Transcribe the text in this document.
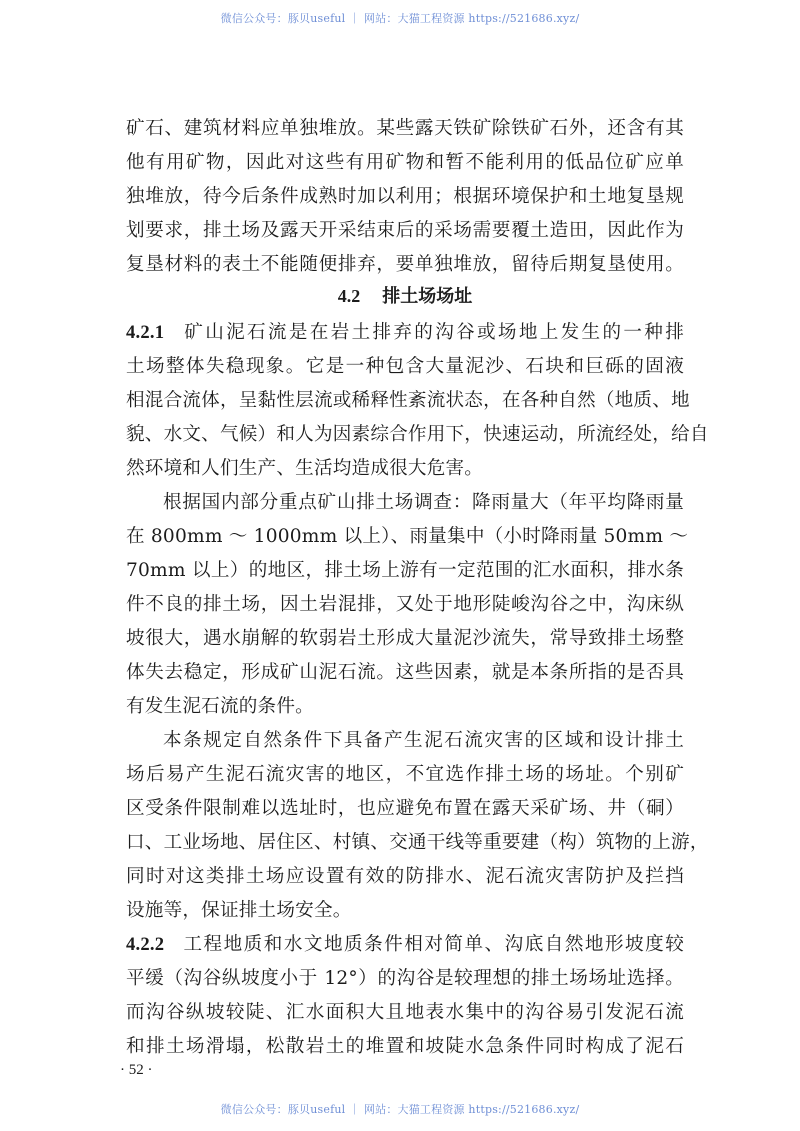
微信公众号：豚贝useful ｜ 网站：大猫工程资源 https://521686.xyz/
矿石、建筑材料应单独堆放。某些露天铁矿除铁矿石外，还含有其
他有用矿物，因此对这些有用矿物和暂不能利用的低品位矿应单
独堆放，待今后条件成熟时加以利用；根据环境保护和土地复垦规
划要求，排土场及露天开采结束后的采场需要覆土造田，因此作为
复垦材料的表土不能随便排弃，要单独堆放，留待后期复垦使用。
4.2 排土场场址
4.2.1 矿山泥石流是在岩土排弃的沟谷或场地上发生的一种排
土场整体失稳现象。它是一种包含大量泥沙、石块和巨砾的固液
相混合流体，呈黏性层流或稀释性紊流状态，在各种自然（地质、地
貌、水文、气候）和人为因素综合作用下，快速运动，所流经处，给自
然环境和人们生产、生活均造成很大危害。
根据国内部分重点矿山排土场调查：降雨量大（年平均降雨量
在 800mm ～ 1000mm 以上）、雨量集中（小时降雨量 50mm ～
70mm 以上）的地区，排土场上游有一定范围的汇水面积，排水条
件不良的排土场，因土岩混排，又处于地形陡峻沟谷之中，沟床纵
坡很大，遇水崩解的软弱岩土形成大量泥沙流失，常导致排土场整
体失去稳定，形成矿山泥石流。这些因素，就是本条所指的是否具
有发生泥石流的条件。
本条规定自然条件下具备产生泥石流灾害的区域和设计排土
场后易产生泥石流灾害的地区，不宜选作排土场的场址。个别矿
区受条件限制难以选址时，也应避免布置在露天采矿场、井（硐）
口、工业场地、居住区、村镇、交通干线等重要建（构）筑物的上游，
同时对这类排土场应设置有效的防排水、泥石流灾害防护及拦挡
设施等，保证排土场安全。
4.2.2 工程地质和水文地质条件相对简单、沟底自然地形坡度较
平缓（沟谷纵坡度小于 12°）的沟谷是较理想的排土场场址选择。
而沟谷纵坡较陡、汇水面积大且地表水集中的沟谷易引发泥石流
和排土场滑塌，松散岩土的堆置和坡陡水急条件同时构成了泥石
· 52 ·
微信公众号：豚贝useful ｜ 网站：大猫工程资源 https://521686.xyz/
